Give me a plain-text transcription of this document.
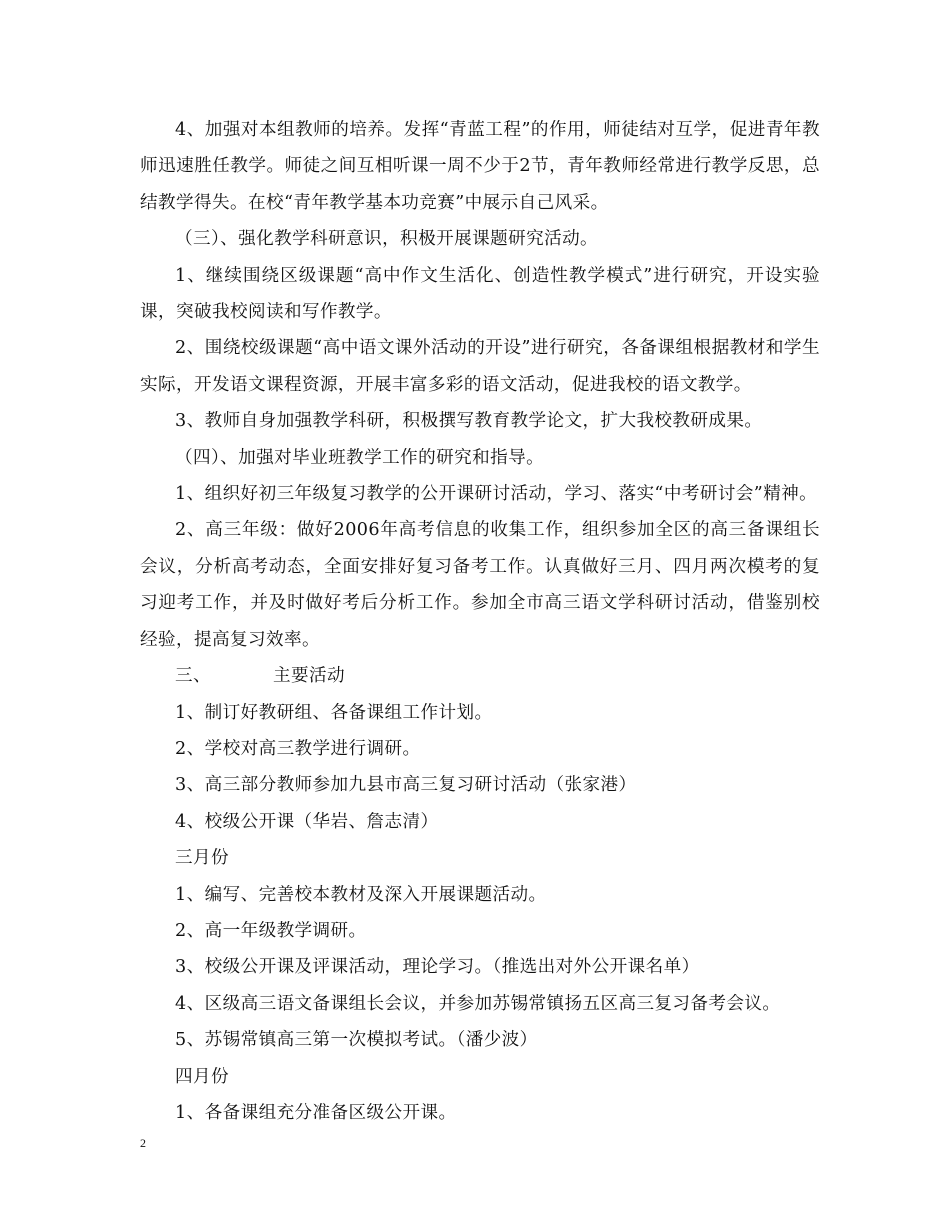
4、加强对本组教师的培养。发挥“青蓝工程”的作用，师徒结对互学，促进青年教师迅速胜任教学。师徒之间互相听课一周不少于2节，青年教师经常进行教学反思，总结教学得失。在校“青年教学基本功竞赛”中展示自己风采。

（三）、强化教学科研意识，积极开展课题研究活动。

1、继续围绕区级课题“高中作文生活化、创造性教学模式”进行研究，开设实验课，突破我校阅读和写作教学。

2、围绕校级课题“高中语文课外活动的开设”进行研究，各备课组根据教材和学生实际，开发语文课程资源，开展丰富多彩的语文活动，促进我校的语文教学。

3、教师自身加强教学科研，积极撰写教育教学论文，扩大我校教研成果。

（四）、加强对毕业班教学工作的研究和指导。

1、组织好初三年级复习教学的公开课研讨活动，学习、落实“中考研讨会”精神。

2、高三年级：做好2006年高考信息的收集工作，组织参加全区的高三备课组长会议，分析高考动态，全面安排好复习备考工作。认真做好三月、四月两次模考的复习迎考工作，并及时做好考后分析工作。参加全市高三语文学科研讨活动，借鉴别校经验，提高复习效率。

三、	主要活动

1、制订好教研组、各备课组工作计划。

2、学校对高三教学进行调研。

3、高三部分教师参加九县市高三复习研讨活动（张家港）

4、校级公开课（华岩、詹志清）

三月份

1、编写、完善校本教材及深入开展课题活动。

2、高一年级教学调研。

3、校级公开课及评课活动，理论学习。（推选出对外公开课名单）

4、区级高三语文备课组长会议，并参加苏锡常镇扬五区高三复习备考会议。

5、苏锡常镇高三第一次模拟考试。（潘少波）

四月份

1、各备课组充分准备区级公开课。

2
